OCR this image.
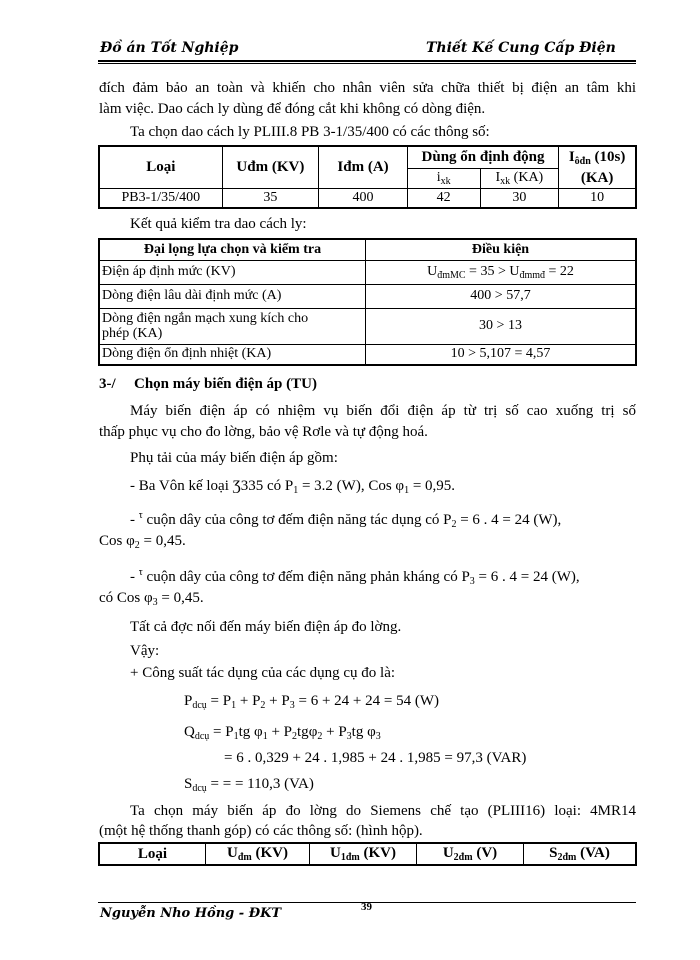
Đồ án Tốt Nghiệp	Thiết Kế Cung Cấp Điện
đích đảm bảo an toàn và khiến cho nhân viên sửa chữa thiết bị điện an tâm khi
làm việc. Dao cách ly dùng để đóng cắt khi không có dòng điện.
Ta chọn dao cách ly PLIII.8 PB 3-1/35/400 có các thông số:
Loại	Uđm (KV)	Iđm (A)	Dùng ổn định động		$I_{ôđn}$ (10s)
(KA)
			$i_{xk}$	$I_{xk}$ (KA)	
PB3-1/35/400	35	400	42	30	10
Kết quả kiểm tra dao cách ly:
Đại lọng lựa chọn và kiểm tra	Điều kiện
Điện áp định mức (KV)	$U_{đmMC} = 35 > U_{đmmđ} = 22$
Dòng điện lâu dài định mức (A)	400 > 57,7
Dòng điện ngắn mạch xung kích cho
phép (KA)	30 > 13
Dòng điện ổn định nhiệt (KA)	10 > 5,107 = 4,57
3-/ Chọn máy biến điện áp (TU)
Máy biến điện áp có nhiệm vụ biến đổi điện áp từ trị số cao xuống trị số
thấp phục vụ cho đo lờng, bảo vệ Rơle và tự động hoá.
Phụ tải của máy biến điện áp gồm:
- Ba Vôn kế loại Ʒ335 có $P_1 = 3.2$ (W), Cos $\varphi_1 = 0,95$.
- $^\tau$ cuộn dây của công tơ đếm điện năng tác dụng có $P_2 = 6$ . 4 = 24 (W),
Cos $\varphi_2 = 0,45$.
- $^\tau$ cuộn dây của công tơ đếm điện năng phản kháng có $P_3 = 6$ . 4 = 24 (W),
có Cos $\varphi_3 = 0,45$.
Tất cả đợc nối đến máy biến điện áp đo lờng.
Vậy:
+ Công suất tác dụng của các dụng cụ đo là:
$P_{dcụ} = P_1 + P_2 + P_3 = 6 + 24 + 24 = 54$ (W)
$Q_{dcụ} = P_1tg$ $\varphi_1 + P_2tg\varphi_2 + P_3tg$ $\varphi_3$
= 6 . 0,329 + 24 . 1,985 + 24 . 1,985 = 97,3 (VAR)
$S_{dcụ}$ = = = 110,3 (VA)
Ta chọn máy biến áp đo lờng do Siemens chế tạo (PLIII16) loại: 4MR14
(một hệ thống thanh góp) có các thông số: (hình hộp).
Loại	$U_{đm}$ (KV)	$U_{1đm}$ (KV)	$U_{2đm}$ (V)	$S_{2đm}$ (VA)
39
Nguyễn Nho Hồng - ĐKT
